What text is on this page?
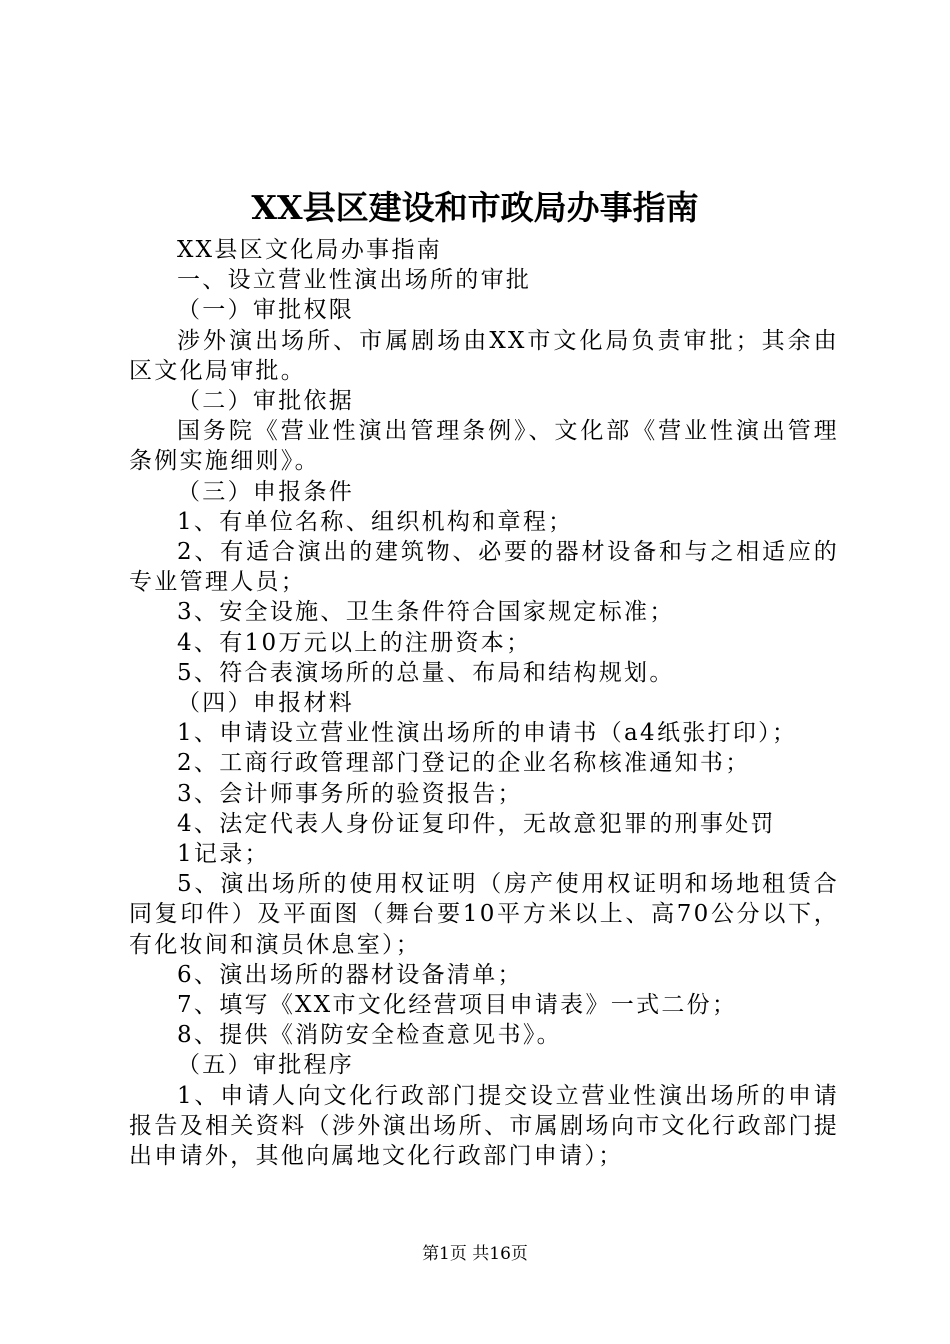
XX县区建设和市政局办事指南

XX县区文化局办事指南

一、设立营业性演出场所的审批

（一）审批权限

涉外演出场所、市属剧场由XX市文化局负责审批；其余由区文化局审批。

（二）审批依据

国务院《营业性演出管理条例》、文化部《营业性演出管理条例实施细则》。

（三）申报条件

1、有单位名称、组织机构和章程；

2、有适合演出的建筑物、必要的器材设备和与之相适应的专业管理人员；

3、安全设施、卫生条件符合国家规定标准；

4、有10万元以上的注册资本；

5、符合表演场所的总量、布局和结构规划。

（四）申报材料

1、申请设立营业性演出场所的申请书（a4纸张打印）；

2、工商行政管理部门登记的企业名称核准通知书；

3、会计师事务所的验资报告；

4、法定代表人身份证复印件，无故意犯罪的刑事处罚

1记录；

5、演出场所的使用权证明（房产使用权证明和场地租赁合同复印件）及平面图（舞台要10平方米以上、高70公分以下，有化妆间和演员休息室）；

6、演出场所的器材设备清单；

7、填写《XX市文化经营项目申请表》一式二份；

8、提供《消防安全检查意见书》。

（五）审批程序

1、申请人向文化行政部门提交设立营业性演出场所的申请报告及相关资料（涉外演出场所、市属剧场向市文化行政部门提出申请外，其他向属地文化行政部门申请）；

第1页 共16页
